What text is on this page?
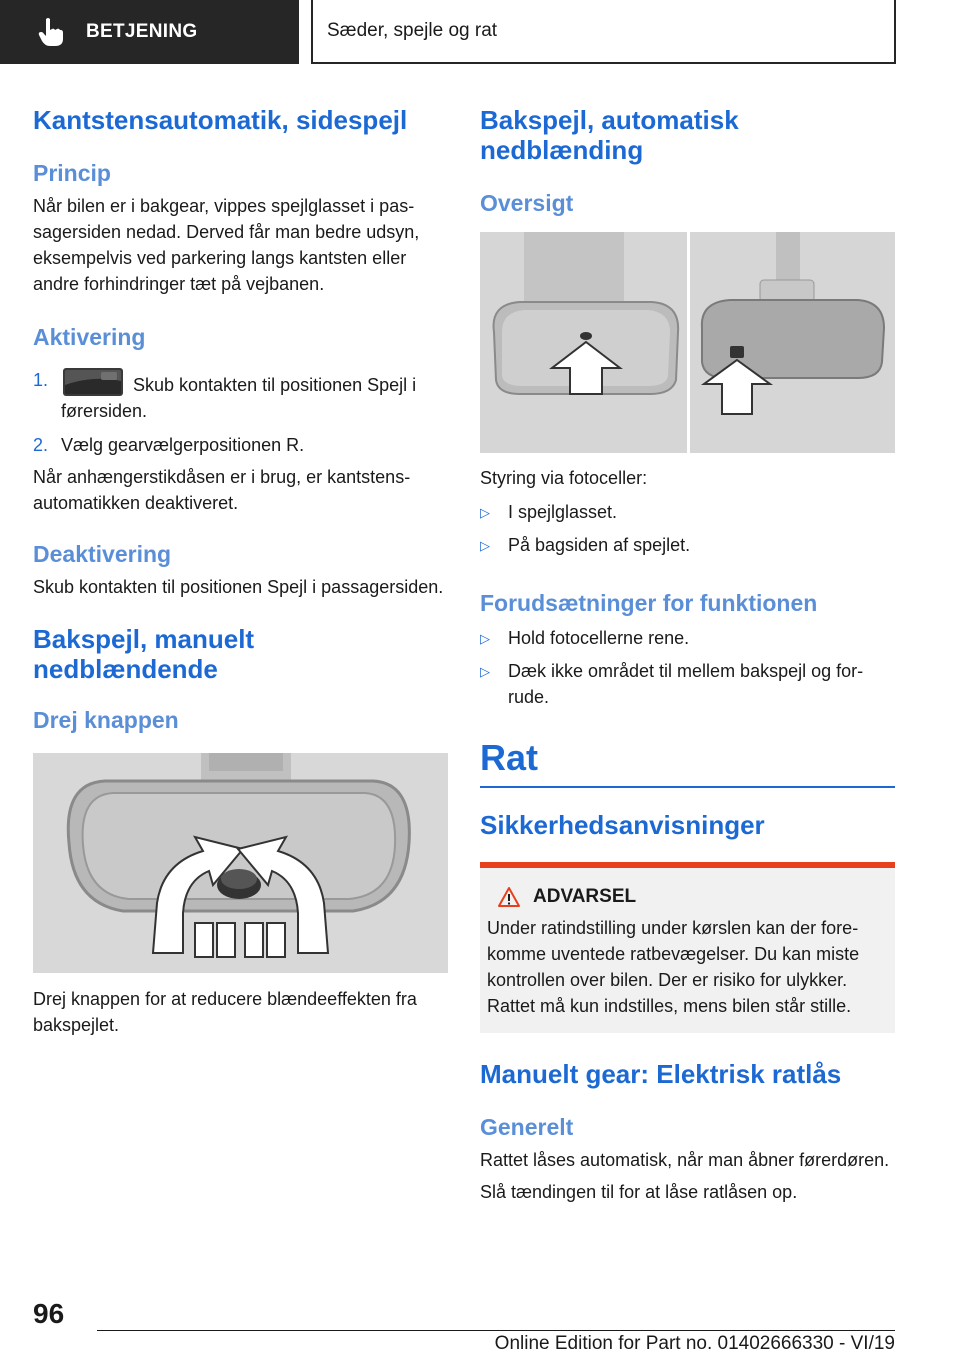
BETJENING	Sæder, spejle og rat
Kantstensautomatik, sidespejl
Princip
Når bilen er i bakgear, vippes spejlglasset i passagersiden nedad. Derved får man bedre udsyn, eksempelvis ved parkering langs kantsten eller andre forhindringer tæt på vejbanen.
Aktivering
1.	Skub kontakten til positionen Spejl i førersiden.
2. Vælg gearvælgerpositionen R.
Når anhængerstikdåsen er i brug, er kantstensautomatikken deaktiveret.
Deaktivering
Skub kontakten til positionen Spejl i passagersiden.
Bakspejl, manuelt nedblændende
Drej knappen
Drej knappen for at reducere blændeeffekten fra bakspejlet.
Bakspejl, automatisk nedblænding
Oversigt
Styring via fotoceller:
▷	I spejlglasset.
▷	På bagsiden af spejlet.
Forudsætninger for funktionen
▷	Hold fotocellerne rene.
▷	Dæk ikke området til mellem bakspejl og forrude.
Rat
Sikkerhedsanvisninger
ADVARSEL
Under ratindstilling under kørslen kan der forekomme uventede ratbevægelser. Du kan miste kontrollen over bilen. Der er risiko for ulykker. Rattet må kun indstilles, mens bilen står stille.
Manuelt gear: Elektrisk ratlås
Generelt
Rattet låses automatisk, når man åbner førerdøren.
Slå tændingen til for at låse ratlåsen op.
96
Online Edition for Part no. 01402666330 - VI/19
